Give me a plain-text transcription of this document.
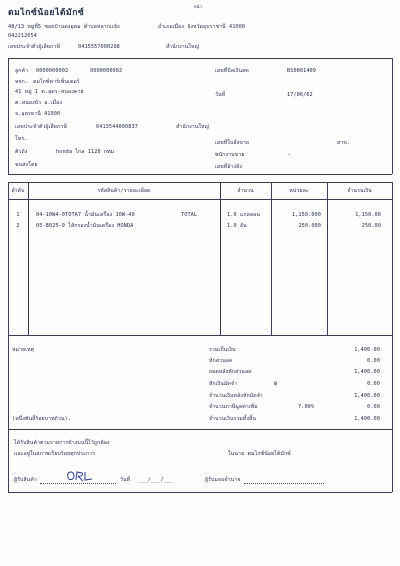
หน้า
ตมไกซ์น้อยไต้มักซ์
48/13 หมู่ที่5 ซอยบ้านดงอุดม ตำบลหลากแข้ง	อำเภอเมือง จังหวัดอุบราชานี 41000
042212654
เลขประจำตัวผู้เสียภาษี	0415557000298	สำนักงานใหญ่
ลูกค้า 0000000002	0000000002
หจก. ดมไกซ์คาร์เซ็นเตอร์
41 หมู่ 1 ต.อุดร-หนองคาย
ต.หนองบัว อ.เมือง
จ.อุดรธานี 41000
เลขประจำตัวผู้เสียภาษี	0413544000837	สำนักงานใหญ่
โทร.
ตัวถัง	honda ไกล 1126 กทม
ขนส่งโดย
เลขที่บิลเงินสด	BS0001409
วันที่	17/06/62
เลขที่ใบสั่งขาย	สาข.
พนักงานขาย	-
เลขที่อ้างอิง
ลำดับ	รหัสสินค้า/รายละเอียด	จำนวน	หน่วยละ	จำนวนเงิน
1	04-10W4-0TOTA7 น้ำมันเครื่อง 10W-40	TOTAL	1.0 แกลลอน	1,150.000	1,150.00
2	05-B025-9 ไส้กรองน้ำมันเครื่อง HONDA	1.0 ลัน	250.000	250.00
หมายเหตุ
(หนึ่งพันสี่ร้อยบาทถ้วน).
รวมเป็นเงิน	1,400.00
หักส่วนลด	0.00
ยอดหลังหักส่วนลด	1,400.00
หักเงินมัดจำ	฿	0.00
จำนวนเงินหลังหักมัดจำ	1,400.00
จำนวนภาษีมูลค่าเพิ่ม	7.00%	0.00
จำนวนเงินรวมทั้งสิ้น	1,400.00
ได้รับสินค้าตามรายการข้างบนนี้ไว้ถูกต้อง
และอยู่ในสภาพเรียบร้อยทุกประการ	ในนาม ตมไกซ์น้อยไต้มักซ์
ผู้รับสินค้า	วันที่ ___/___/___	ผู้รับมอบอำนาจ
